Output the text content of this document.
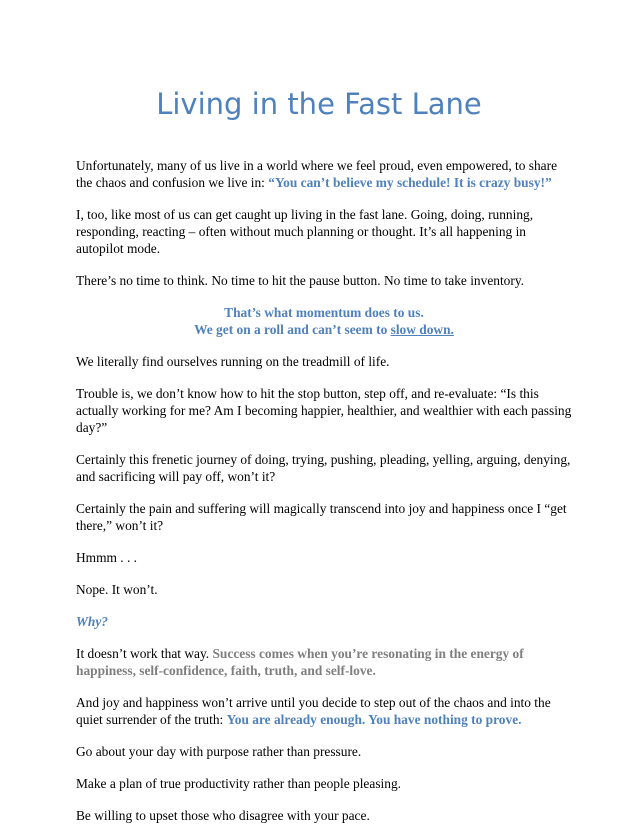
Living in the Fast Lane

Unfortunately, many of us live in a world where we feel proud, even empowered, to share the chaos and confusion we live in: “You can’t believe my schedule! It is crazy busy!”

I, too, like most of us can get caught up living in the fast lane. Going, doing, running, responding, reacting – often without much planning or thought. It’s all happening in autopilot mode.

There’s no time to think. No time to hit the pause button. No time to take inventory.

That’s what momentum does to us.
We get on a roll and can’t seem to slow down.

We literally find ourselves running on the treadmill of life.

Trouble is, we don’t know how to hit the stop button, step off, and re-evaluate: “Is this actually working for me? Am I becoming happier, healthier, and wealthier with each passing day?”

Certainly this frenetic journey of doing, trying, pushing, pleading, yelling, arguing, denying, and sacrificing will pay off, won’t it?

Certainly the pain and suffering will magically transcend into joy and happiness once I “get there,” won’t it?

Hmmm . . .

Nope. It won’t.

Why?

It doesn’t work that way. Success comes when you’re resonating in the energy of happiness, self-confidence, faith, truth, and self-love.

And joy and happiness won’t arrive until you decide to step out of the chaos and into the quiet surrender of the truth: You are already enough. You have nothing to prove.

Go about your day with purpose rather than pressure.

Make a plan of true productivity rather than people pleasing.

Be willing to upset those who disagree with your pace.
